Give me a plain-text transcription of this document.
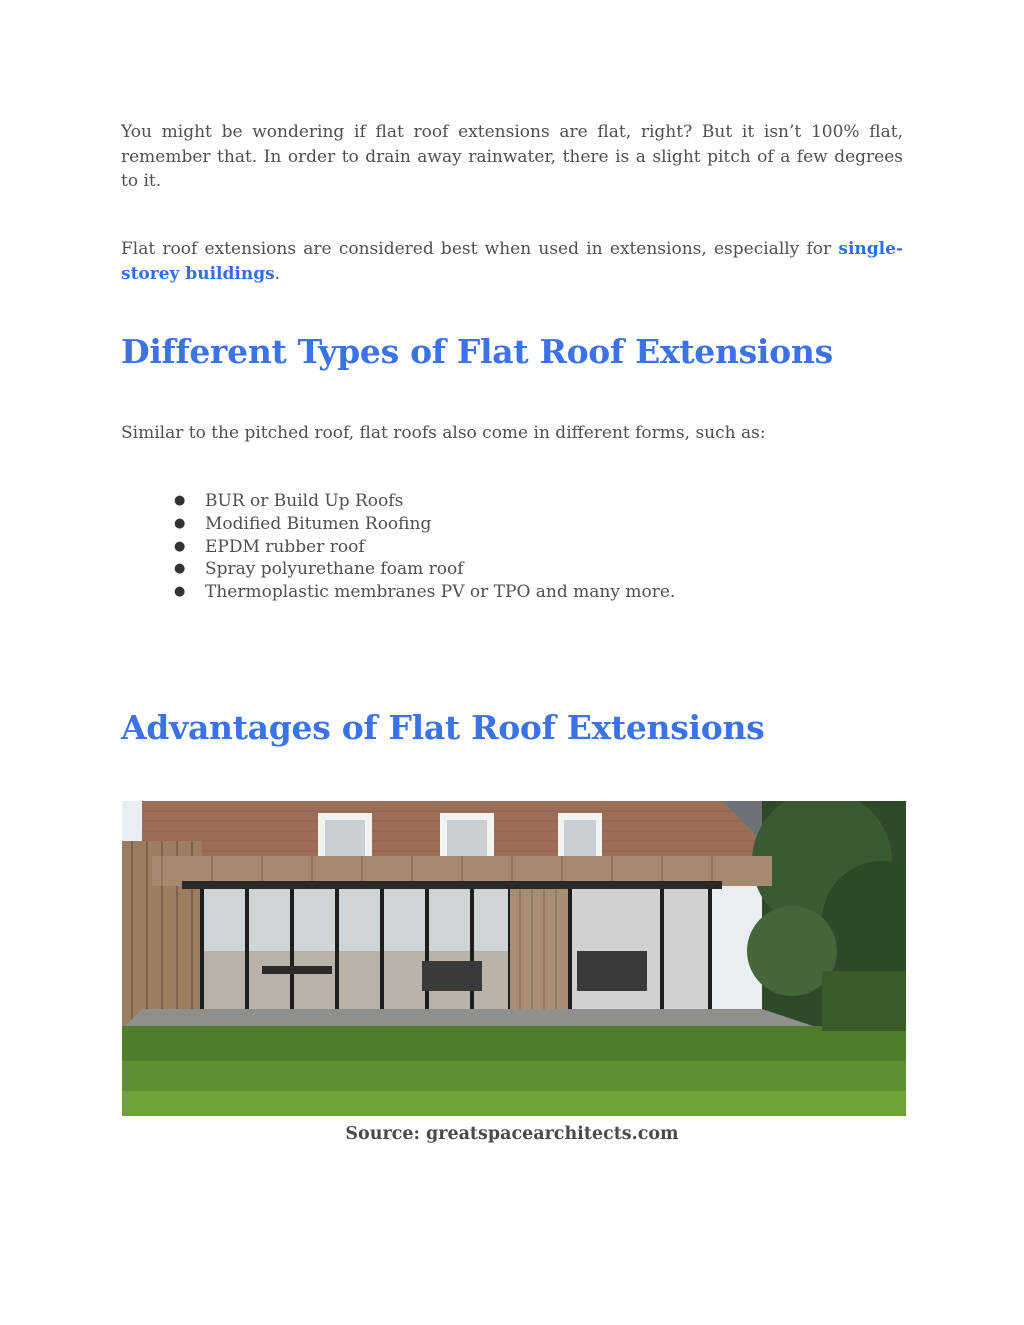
You might be wondering if flat roof extensions are flat, right? But it isn’t 100% flat, remember that. In order to drain away rainwater, there is a slight pitch of a few degrees to it.

Flat roof extensions are considered best when used in extensions, especially for single-storey buildings.

Different Types of Flat Roof Extensions

Similar to the pitched roof, flat roofs also come in different forms, such as:

● BUR or Build Up Roofs
● Modified Bitumen Roofing
● EPDM rubber roof
● Spray polyurethane foam roof
● Thermoplastic membranes PV or TPO and many more.
Advantages of Flat Roof Extensions
Source: greatspacearchitects.com
